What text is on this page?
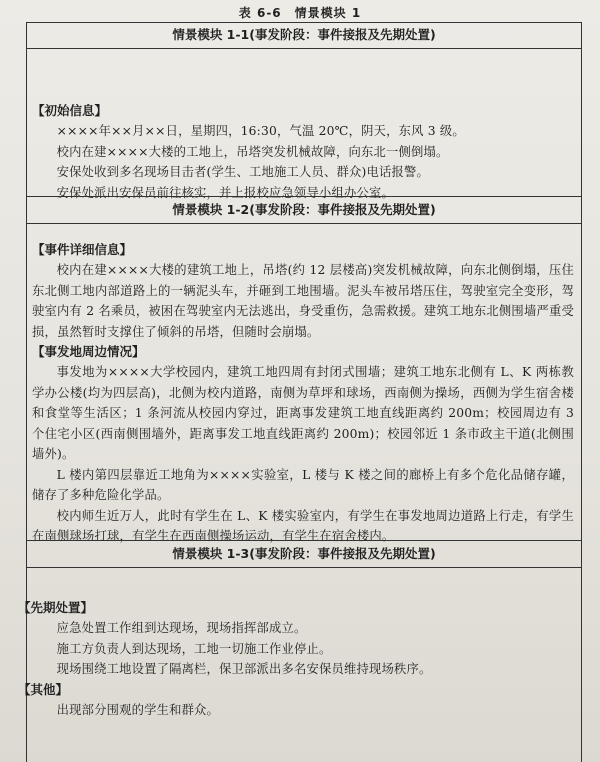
表 6-6　情景模块 1
情景模块 1-1(事发阶段：事件接报及先期处置)
【初始信息】

××××年××月××日，星期四，16:30，气温 20℃，阴天，东风 3 级。

校内在建××××大楼的工地上，吊塔突发机械故障，向东北一侧倒塌。

安保处收到多名现场目击者(学生、工地施工人员、群众)电话报警。

安保处派出安保员前往核实，并上报校应急领导小组办公室。

情景模块 1-2(事发阶段：事件接报及先期处置)
【事件详细信息】

校内在建××××大楼的建筑工地上，吊塔(约 12 层楼高)突发机械故障，向东北侧倒塌，压住东北侧工地内部道路上的一辆泥头车，并砸到工地围墙。泥头车被吊塔压住，驾驶室完全变形，驾驶室内有 2 名乘员，被困在驾驶室内无法逃出，身受重伤，急需救援。建筑工地东北侧围墙严重受损，虽然暂时支撑住了倾斜的吊塔，但随时会崩塌。

【事发地周边情况】

事发地为××××大学校园内，建筑工地四周有封闭式围墙；建筑工地东北侧有 L、K 两栋教学办公楼(均为四层高)，北侧为校内道路，南侧为草坪和球场，西南侧为操场，西侧为学生宿舍楼和食堂等生活区；1 条河流从校园内穿过，距离事发建筑工地直线距离约 200m；校园周边有 3 个住宅小区(西南侧围墙外，距离事发工地直线距离约 200m)；校园邻近 1 条市政主干道(北侧围墙外)。

L 楼内第四层靠近工地角为××××实验室，L 楼与 K 楼之间的廊桥上有多个危化品储存罐，储存了多种危险化学品。

校内师生近万人，此时有学生在 L、K 楼实验室内，有学生在事发地周边道路上行走，有学生在南侧球场打球，有学生在西南侧操场运动，有学生在宿舍楼内。

情景模块 1-3(事发阶段：事件接报及先期处置)
【先期处置】

应急处置工作组到达现场，现场指挥部成立。

施工方负责人到达现场，工地一切施工作业停止。

现场围绕工地设置了隔离栏，保卫部派出多名安保员维持现场秩序。

【其他】

出现部分围观的学生和群众。
